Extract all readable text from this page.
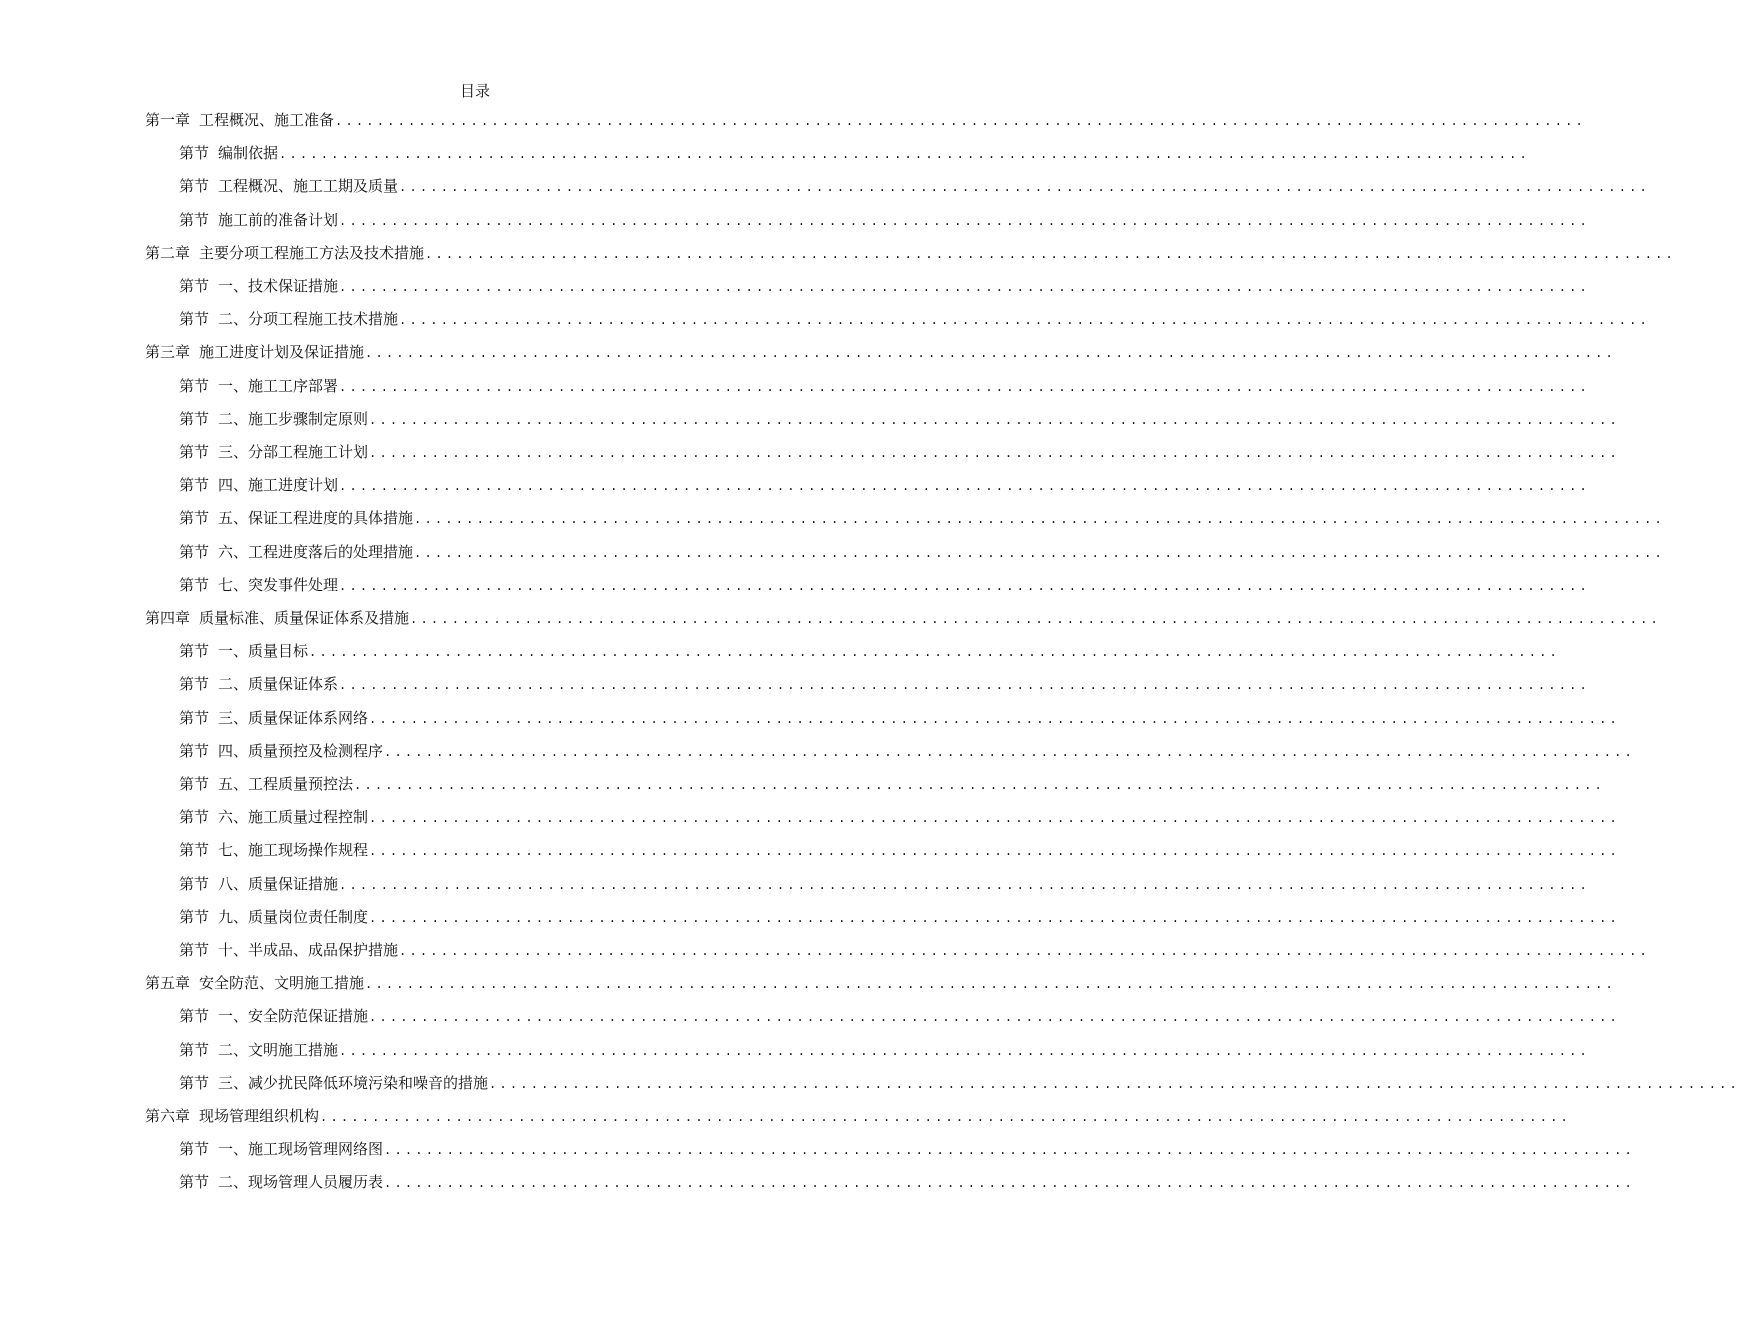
目录
第一章 工程概况、施工准备 ........................................................................................................................
第节 编制依据 ........................................................................................................................
第节 工程概况、施工工期及质量 ........................................................................................................................
第节 施工前的准备计划 ........................................................................................................................
第二章 主要分项工程施工方法及技术措施 ........................................................................................................................
第节 一、技术保证措施 ........................................................................................................................
第节 二、分项工程施工技术措施 ........................................................................................................................
第三章 施工进度计划及保证措施 ........................................................................................................................
第节 一、施工工序部署 ........................................................................................................................
第节 二、施工步骤制定原则 ........................................................................................................................
第节 三、分部工程施工计划 ........................................................................................................................
第节 四、施工进度计划 ........................................................................................................................
第节 五、保证工程进度的具体措施 ........................................................................................................................
第节 六、工程进度落后的处理措施 ........................................................................................................................
第节 七、突发事件处理 ........................................................................................................................
第四章 质量标准、质量保证体系及措施 ........................................................................................................................
第节 一、质量目标 ........................................................................................................................
第节 二、质量保证体系 ........................................................................................................................
第节 三、质量保证体系网络 ........................................................................................................................
第节 四、质量预控及检测程序 ........................................................................................................................
第节 五、工程质量预控法 ........................................................................................................................
第节 六、施工质量过程控制 ........................................................................................................................
第节 七、施工现场操作规程 ........................................................................................................................
第节 八、质量保证措施 ........................................................................................................................
第节 九、质量岗位责任制度 ........................................................................................................................
第节 十、半成品、成品保护措施 ........................................................................................................................
第五章 安全防范、文明施工措施 ........................................................................................................................
第节 一、安全防范保证措施 ........................................................................................................................
第节 二、文明施工措施 ........................................................................................................................
第节 三、减少扰民降低环境污染和噪音的措施 ........................................................................................................................
第六章 现场管理组织机构 ........................................................................................................................
第节 一、施工现场管理网络图 ........................................................................................................................
第节 二、现场管理人员履历表 ........................................................................................................................
